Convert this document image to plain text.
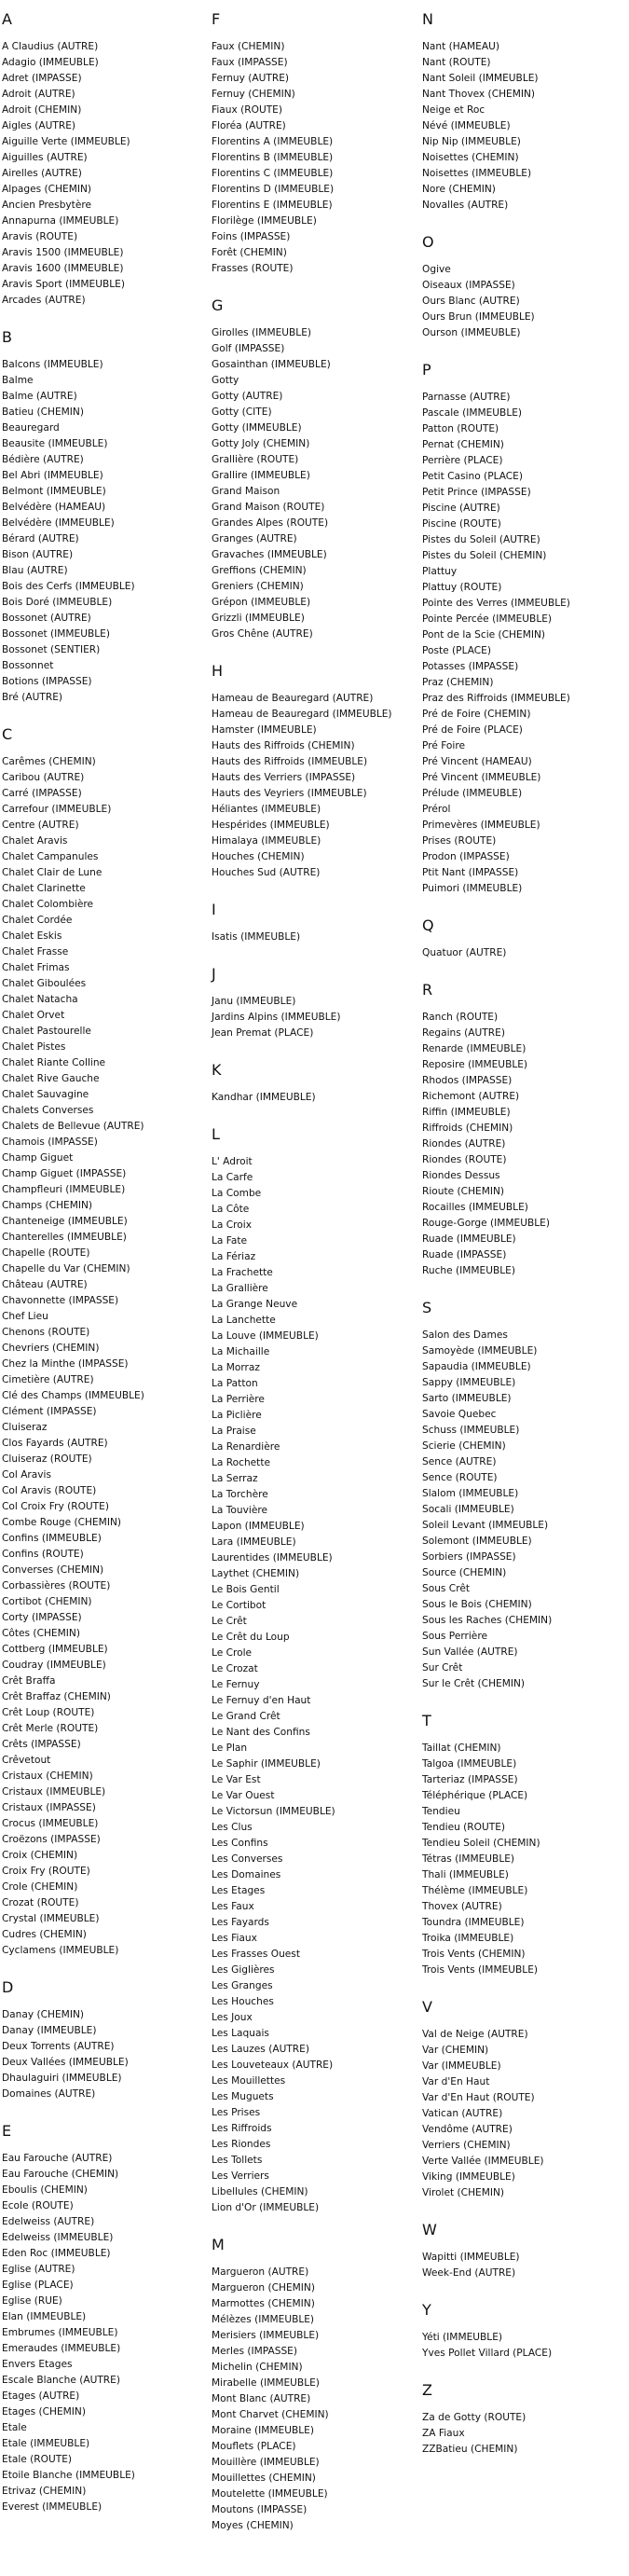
A
A Claudius (AUTRE)
Adagio (IMMEUBLE)
Adret (IMPASSE)
Adroit (AUTRE)
Adroit (CHEMIN)
Aigles (AUTRE)
Aiguille Verte (IMMEUBLE)
Aiguilles (AUTRE)
Airelles (AUTRE)
Alpages (CHEMIN)
Ancien Presbytère
Annapurna (IMMEUBLE)
Aravis (ROUTE)
Aravis 1500 (IMMEUBLE)
Aravis 1600 (IMMEUBLE)
Aravis Sport (IMMEUBLE)
Arcades (AUTRE)
B
Balcons (IMMEUBLE)
Balme
Balme (AUTRE)
Batieu (CHEMIN)
Beauregard
Beausite (IMMEUBLE)
Bédière (AUTRE)
Bel Abri (IMMEUBLE)
Belmont (IMMEUBLE)
Belvédère (HAMEAU)
Belvédère (IMMEUBLE)
Bérard (AUTRE)
Bison (AUTRE)
Blau (AUTRE)
Bois des Cerfs (IMMEUBLE)
Bois Doré (IMMEUBLE)
Bossonet (AUTRE)
Bossonet (IMMEUBLE)
Bossonet (SENTIER)
Bossonnet
Botions (IMPASSE)
Bré (AUTRE)
C
Carêmes (CHEMIN)
Caribou (AUTRE)
Carré (IMPASSE)
Carrefour (IMMEUBLE)
Centre (AUTRE)
Chalet Aravis
Chalet Campanules
Chalet Clair de Lune
Chalet Clarinette
Chalet Colombière
Chalet Cordée
Chalet Eskis
Chalet Frasse
Chalet Frimas
Chalet Giboulées
Chalet Natacha
Chalet Orvet
Chalet Pastourelle
Chalet Pistes
Chalet Riante Colline
Chalet Rive Gauche
Chalet Sauvagine
Chalets Converses
Chalets de Bellevue (AUTRE)
Chamois (IMPASSE)
Champ Giguet
Champ Giguet (IMPASSE)
Champfleuri (IMMEUBLE)
Champs (CHEMIN)
Chanteneige (IMMEUBLE)
Chanterelles (IMMEUBLE)
Chapelle (ROUTE)
Chapelle du Var (CHEMIN)
Château (AUTRE)
Chavonnette (IMPASSE)
Chef Lieu
Chenons (ROUTE)
Chevriers (CHEMIN)
Chez la Minthe (IMPASSE)
Cimetière (AUTRE)
Clé des Champs (IMMEUBLE)
Clément (IMPASSE)
Cluiseraz
Clos Fayards (AUTRE)
Cluiseraz (ROUTE)
Col Aravis
Col Aravis (ROUTE)
Col Croix Fry (ROUTE)
Combe Rouge (CHEMIN)
Confins (IMMEUBLE)
Confins (ROUTE)
Converses (CHEMIN)
Corbassières (ROUTE)
Cortibot (CHEMIN)
Corty (IMPASSE)
Côtes (CHEMIN)
Cottberg (IMMEUBLE)
Coudray (IMMEUBLE)
Crêt Braffa
Crêt Braffaz (CHEMIN)
Crêt Loup (ROUTE)
Crêt Merle (ROUTE)
Crêts (IMPASSE)
Crêvetout
Cristaux (CHEMIN)
Cristaux (IMMEUBLE)
Cristaux (IMPASSE)
Crocus (IMMEUBLE)
Croëzons (IMPASSE)
Croix (CHEMIN)
Croix Fry (ROUTE)
Crole (CHEMIN)
Crozat (ROUTE)
Crystal (IMMEUBLE)
Cudres (CHEMIN)
Cyclamens (IMMEUBLE)
D
Danay (CHEMIN)
Danay (IMMEUBLE)
Deux Torrents (AUTRE)
Deux Vallées (IMMEUBLE)
Dhaulaguiri (IMMEUBLE)
Domaines (AUTRE)
E
Eau Farouche (AUTRE)
Eau Farouche (CHEMIN)
Eboulis (CHEMIN)
Ecole (ROUTE)
Edelweiss (AUTRE)
Edelweiss (IMMEUBLE)
Eden Roc (IMMEUBLE)
Eglise (AUTRE)
Eglise (PLACE)
Eglise (RUE)
Elan (IMMEUBLE)
Embrumes (IMMEUBLE)
Emeraudes (IMMEUBLE)
Envers Etages
Escale Blanche (AUTRE)
Etages (AUTRE)
Etages (CHEMIN)
Etale
Etale (IMMEUBLE)
Etale (ROUTE)
Etoile Blanche (IMMEUBLE)
Etrivaz (CHEMIN)
Everest (IMMEUBLE)
F
Faux (CHEMIN)
Faux (IMPASSE)
Fernuy (AUTRE)
Fernuy (CHEMIN)
Fiaux (ROUTE)
Floréa (AUTRE)
Florentins A (IMMEUBLE)
Florentins B (IMMEUBLE)
Florentins C (IMMEUBLE)
Florentins D (IMMEUBLE)
Florentins E (IMMEUBLE)
Florilège (IMMEUBLE)
Foins (IMPASSE)
Forêt (CHEMIN)
Frasses (ROUTE)
G
Girolles (IMMEUBLE)
Golf (IMPASSE)
Gosainthan (IMMEUBLE)
Gotty
Gotty (AUTRE)
Gotty (CITE)
Gotty (IMMEUBLE)
Gotty Joly (CHEMIN)
Grallière (ROUTE)
Grallire (IMMEUBLE)
Grand Maison
Grand Maison (ROUTE)
Grandes Alpes (ROUTE)
Granges (AUTRE)
Gravaches (IMMEUBLE)
Greffions (CHEMIN)
Greniers (CHEMIN)
Grépon (IMMEUBLE)
Grizzli (IMMEUBLE)
Gros Chêne (AUTRE)
H
Hameau de Beauregard (AUTRE)
Hameau de Beauregard (IMMEUBLE)
Hamster (IMMEUBLE)
Hauts des Riffroids (CHEMIN)
Hauts des Riffroids (IMMEUBLE)
Hauts des Verriers (IMPASSE)
Hauts des Veyriers (IMMEUBLE)
Héliantes (IMMEUBLE)
Hespérides (IMMEUBLE)
Himalaya (IMMEUBLE)
Houches (CHEMIN)
Houches Sud (AUTRE)
I
Isatis (IMMEUBLE)
J
Janu (IMMEUBLE)
Jardins Alpins (IMMEUBLE)
Jean Premat (PLACE)
K
Kandhar (IMMEUBLE)
L
L' Adroit
La Carfe
La Combe
La Côte
La Croix
La Fate
La Fériaz
La Frachette
La Grallière
La Grange Neuve
La Lanchette
La Louve (IMMEUBLE)
La Michaille
La Morraz
La Patton
La Perrière
La Piclière
La Praise
La Renardière
La Rochette
La Serraz
La Torchère
La Touvière
Lapon (IMMEUBLE)
Lara (IMMEUBLE)
Laurentides (IMMEUBLE)
Laythet (CHEMIN)
Le Bois Gentil
Le Cortibot
Le Crêt
Le Crêt du Loup
Le Crole
Le Crozat
Le Fernuy
Le Fernuy d'en Haut
Le Grand Crêt
Le Nant des Confins
Le Plan
Le Saphir (IMMEUBLE)
Le Var Est
Le Var Ouest
Le Victorsun (IMMEUBLE)
Les Clus
Les Confins
Les Converses
Les Domaines
Les Etages
Les Faux
Les Fayards
Les Fiaux
Les Frasses Ouest
Les Giglières
Les Granges
Les Houches
Les Joux
Les Laquais
Les Lauzes (AUTRE)
Les Louveteaux (AUTRE)
Les Mouillettes
Les Muguets
Les Prises
Les Riffroids
Les Riondes
Les Tollets
Les Verriers
Libellules (CHEMIN)
Lion d'Or (IMMEUBLE)
M
Margueron (AUTRE)
Margueron (CHEMIN)
Marmottes (CHEMIN)
Mélèzes (IMMEUBLE)
Merisiers (IMMEUBLE)
Merles (IMPASSE)
Michelin (CHEMIN)
Mirabelle (IMMEUBLE)
Mont Blanc (AUTRE)
Mont Charvet (CHEMIN)
Moraine (IMMEUBLE)
Mouflets (PLACE)
Mouillère (IMMEUBLE)
Mouillettes (CHEMIN)
Moutelette (IMMEUBLE)
Moutons (IMPASSE)
Moyes (CHEMIN)
N
Nant (HAMEAU)
Nant (ROUTE)
Nant Soleil (IMMEUBLE)
Nant Thovex (CHEMIN)
Neige et Roc
Névé (IMMEUBLE)
Nip Nip (IMMEUBLE)
Noisettes (CHEMIN)
Noisettes (IMMEUBLE)
Nore (CHEMIN)
Novalles (AUTRE)
O
Ogive
Oiseaux (IMPASSE)
Ours Blanc (AUTRE)
Ours Brun (IMMEUBLE)
Ourson (IMMEUBLE)
P
Parnasse (AUTRE)
Pascale (IMMEUBLE)
Patton (ROUTE)
Pernat (CHEMIN)
Perrière (PLACE)
Petit Casino (PLACE)
Petit Prince (IMPASSE)
Piscine (AUTRE)
Piscine (ROUTE)
Pistes du Soleil (AUTRE)
Pistes du Soleil (CHEMIN)
Plattuy
Plattuy (ROUTE)
Pointe des Verres (IMMEUBLE)
Pointe Percée (IMMEUBLE)
Pont de la Scie (CHEMIN)
Poste (PLACE)
Potasses (IMPASSE)
Praz (CHEMIN)
Praz des Riffroids (IMMEUBLE)
Pré de Foire (CHEMIN)
Pré de Foire (PLACE)
Pré Foire
Pré Vincent (HAMEAU)
Pré Vincent (IMMEUBLE)
Prélude (IMMEUBLE)
Prérol
Primevères (IMMEUBLE)
Prises (ROUTE)
Prodon (IMPASSE)
Ptit Nant (IMPASSE)
Puimori (IMMEUBLE)
Q
Quatuor (AUTRE)
R
Ranch (ROUTE)
Regains (AUTRE)
Renarde (IMMEUBLE)
Reposire (IMMEUBLE)
Rhodos (IMPASSE)
Richemont (AUTRE)
Riffin (IMMEUBLE)
Riffroids (CHEMIN)
Riondes (AUTRE)
Riondes (ROUTE)
Riondes Dessus
Rioute (CHEMIN)
Rocailles (IMMEUBLE)
Rouge-Gorge (IMMEUBLE)
Ruade (IMMEUBLE)
Ruade (IMPASSE)
Ruche (IMMEUBLE)
S
Salon des Dames
Samoyède (IMMEUBLE)
Sapaudia (IMMEUBLE)
Sappy (IMMEUBLE)
Sarto (IMMEUBLE)
Savoie Quebec
Schuss (IMMEUBLE)
Scierie (CHEMIN)
Sence (AUTRE)
Sence (ROUTE)
Slalom (IMMEUBLE)
Socali (IMMEUBLE)
Soleil Levant (IMMEUBLE)
Solemont (IMMEUBLE)
Sorbiers (IMPASSE)
Source (CHEMIN)
Sous Crêt
Sous le Bois (CHEMIN)
Sous les Raches (CHEMIN)
Sous Perrière
Sun Vallée (AUTRE)
Sur Crêt
Sur le Crêt (CHEMIN)
T
Taillat (CHEMIN)
Talgoa (IMMEUBLE)
Tarteriaz (IMPASSE)
Téléphérique (PLACE)
Tendieu
Tendieu (ROUTE)
Tendieu Soleil (CHEMIN)
Tétras (IMMEUBLE)
Thali (IMMEUBLE)
Thélème (IMMEUBLE)
Thovex (AUTRE)
Toundra (IMMEUBLE)
Troika (IMMEUBLE)
Trois Vents (CHEMIN)
Trois Vents (IMMEUBLE)
V
Val de Neige (AUTRE)
Var (CHEMIN)
Var (IMMEUBLE)
Var d'En Haut
Var d'En Haut (ROUTE)
Vatican (AUTRE)
Vendôme (AUTRE)
Verriers (CHEMIN)
Verte Vallée (IMMEUBLE)
Viking (IMMEUBLE)
Virolet (CHEMIN)
W
Wapitti (IMMEUBLE)
Week-End (AUTRE)
Y
Yéti (IMMEUBLE)
Yves Pollet Villard (PLACE)
Z
Za de Gotty (ROUTE)
ZA Fiaux
ZZBatieu (CHEMIN)
